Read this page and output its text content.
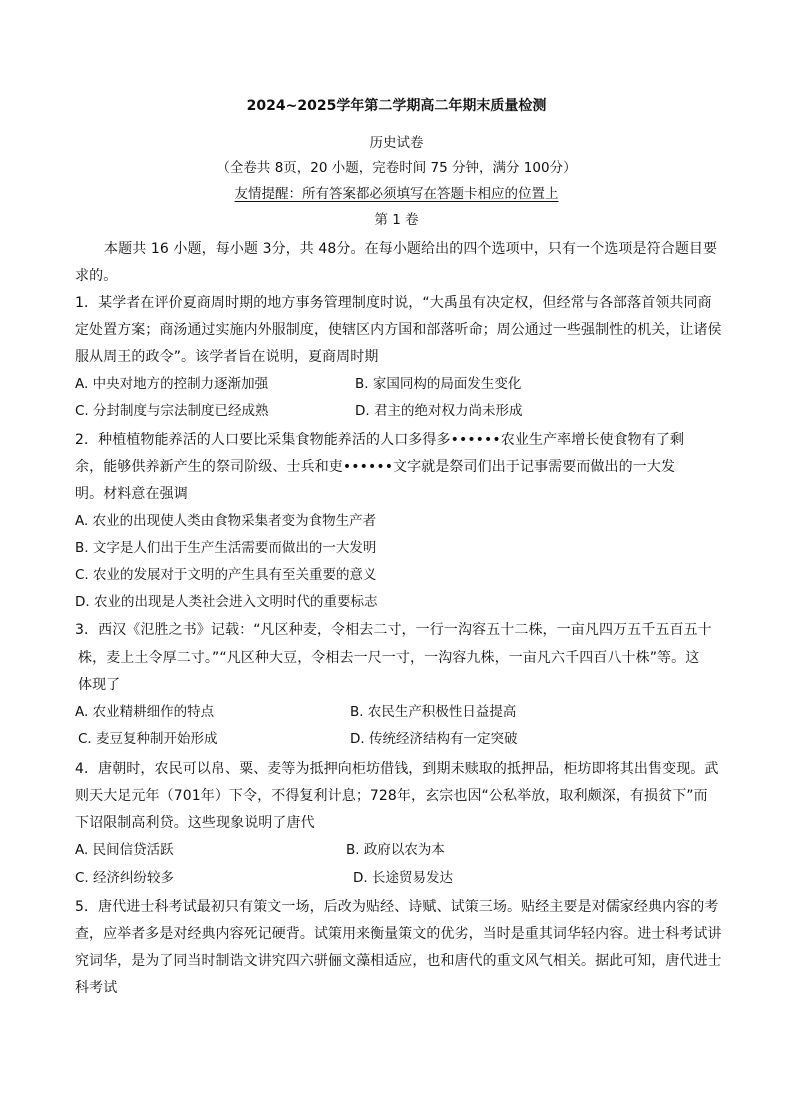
2024~2025学年第二学期高二年期末质量检测
历史试卷
（全卷共 8页，20 小题，完卷时间 75 分钟，满分 100分）
友情提醒：所有答案都必须填写在答题卡相应的位置上
第 1 卷
本题共 16 小题，每小题 3分，共 48分。在每小题给出的四个选项中，只有一个选项是符合题目要
求的。
1．某学者在评价夏商周时期的地方事务管理制度时说，“大禹虽有决定权，但经常与各部落首领共同商
定处置方案；商汤通过实施内外服制度，使辖区内方国和部落听命；周公通过一些强制性的机关，让诸侯
服从周王的政令”。该学者旨在说明，夏商周时期
A. 中央对地方的控制力逐渐加强	B. 家国同构的局面发生变化
C. 分封制度与宗法制度已经成熟	D. 君主的绝对权力尚未形成
2．种植植物能养活的人口要比采集食物能养活的人口多得多••••••农业生产率增长使食物有了剩
余，能够供养新产生的祭司阶级、士兵和吏••••••文字就是祭司们出于记事需要而做出的一大发
明。材料意在强调
A. 农业的出现使人类由食物采集者变为食物生产者
B. 文字是人们出于生产生活需要而做出的一大发明
C. 农业的发展对于文明的产生具有至关重要的意义
D. 农业的出现是人类社会进入文明时代的重要标志
3．西汉《氾胜之书》记载：“凡区种麦，令相去二寸，一行一沟容五十二株，一亩凡四万五千五百五十
株，麦上土令厚二寸。”“凡区种大豆，令相去一尺一寸，一沟容九株，一亩凡六千四百八十株”等。这
体现了
A. 农业精耕细作的特点	B. 农民生产积极性日益提高
C. 麦豆复种制开始形成	D. 传统经济结构有一定突破
4．唐朝时，农民可以帛、粟、麦等为抵押向柜坊借钱，到期未赎取的抵押品，柜坊即将其出售变现。武
则天大足元年（701年）下令，不得复利计息；728年，玄宗也因“公私举放，取利颇深，有损贫下”而
下诏限制高利贷。这些现象说明了唐代
A. 民间信贷活跃	B. 政府以农为本
C. 经济纠纷较多	D. 长途贸易发达
5．唐代进士科考试最初只有策文一场，后改为贴经、诗赋、试策三场。贴经主要是对儒家经典内容的考
查，应举者多是对经典内容死记硬背。试策用来衡量策文的优劣，当时是重其词华轻内容。进士科考试讲
究词华，是为了同当时制诰文讲究四六骈俪文藻相适应，也和唐代的重文风气相关。据此可知，唐代进士
科考试
